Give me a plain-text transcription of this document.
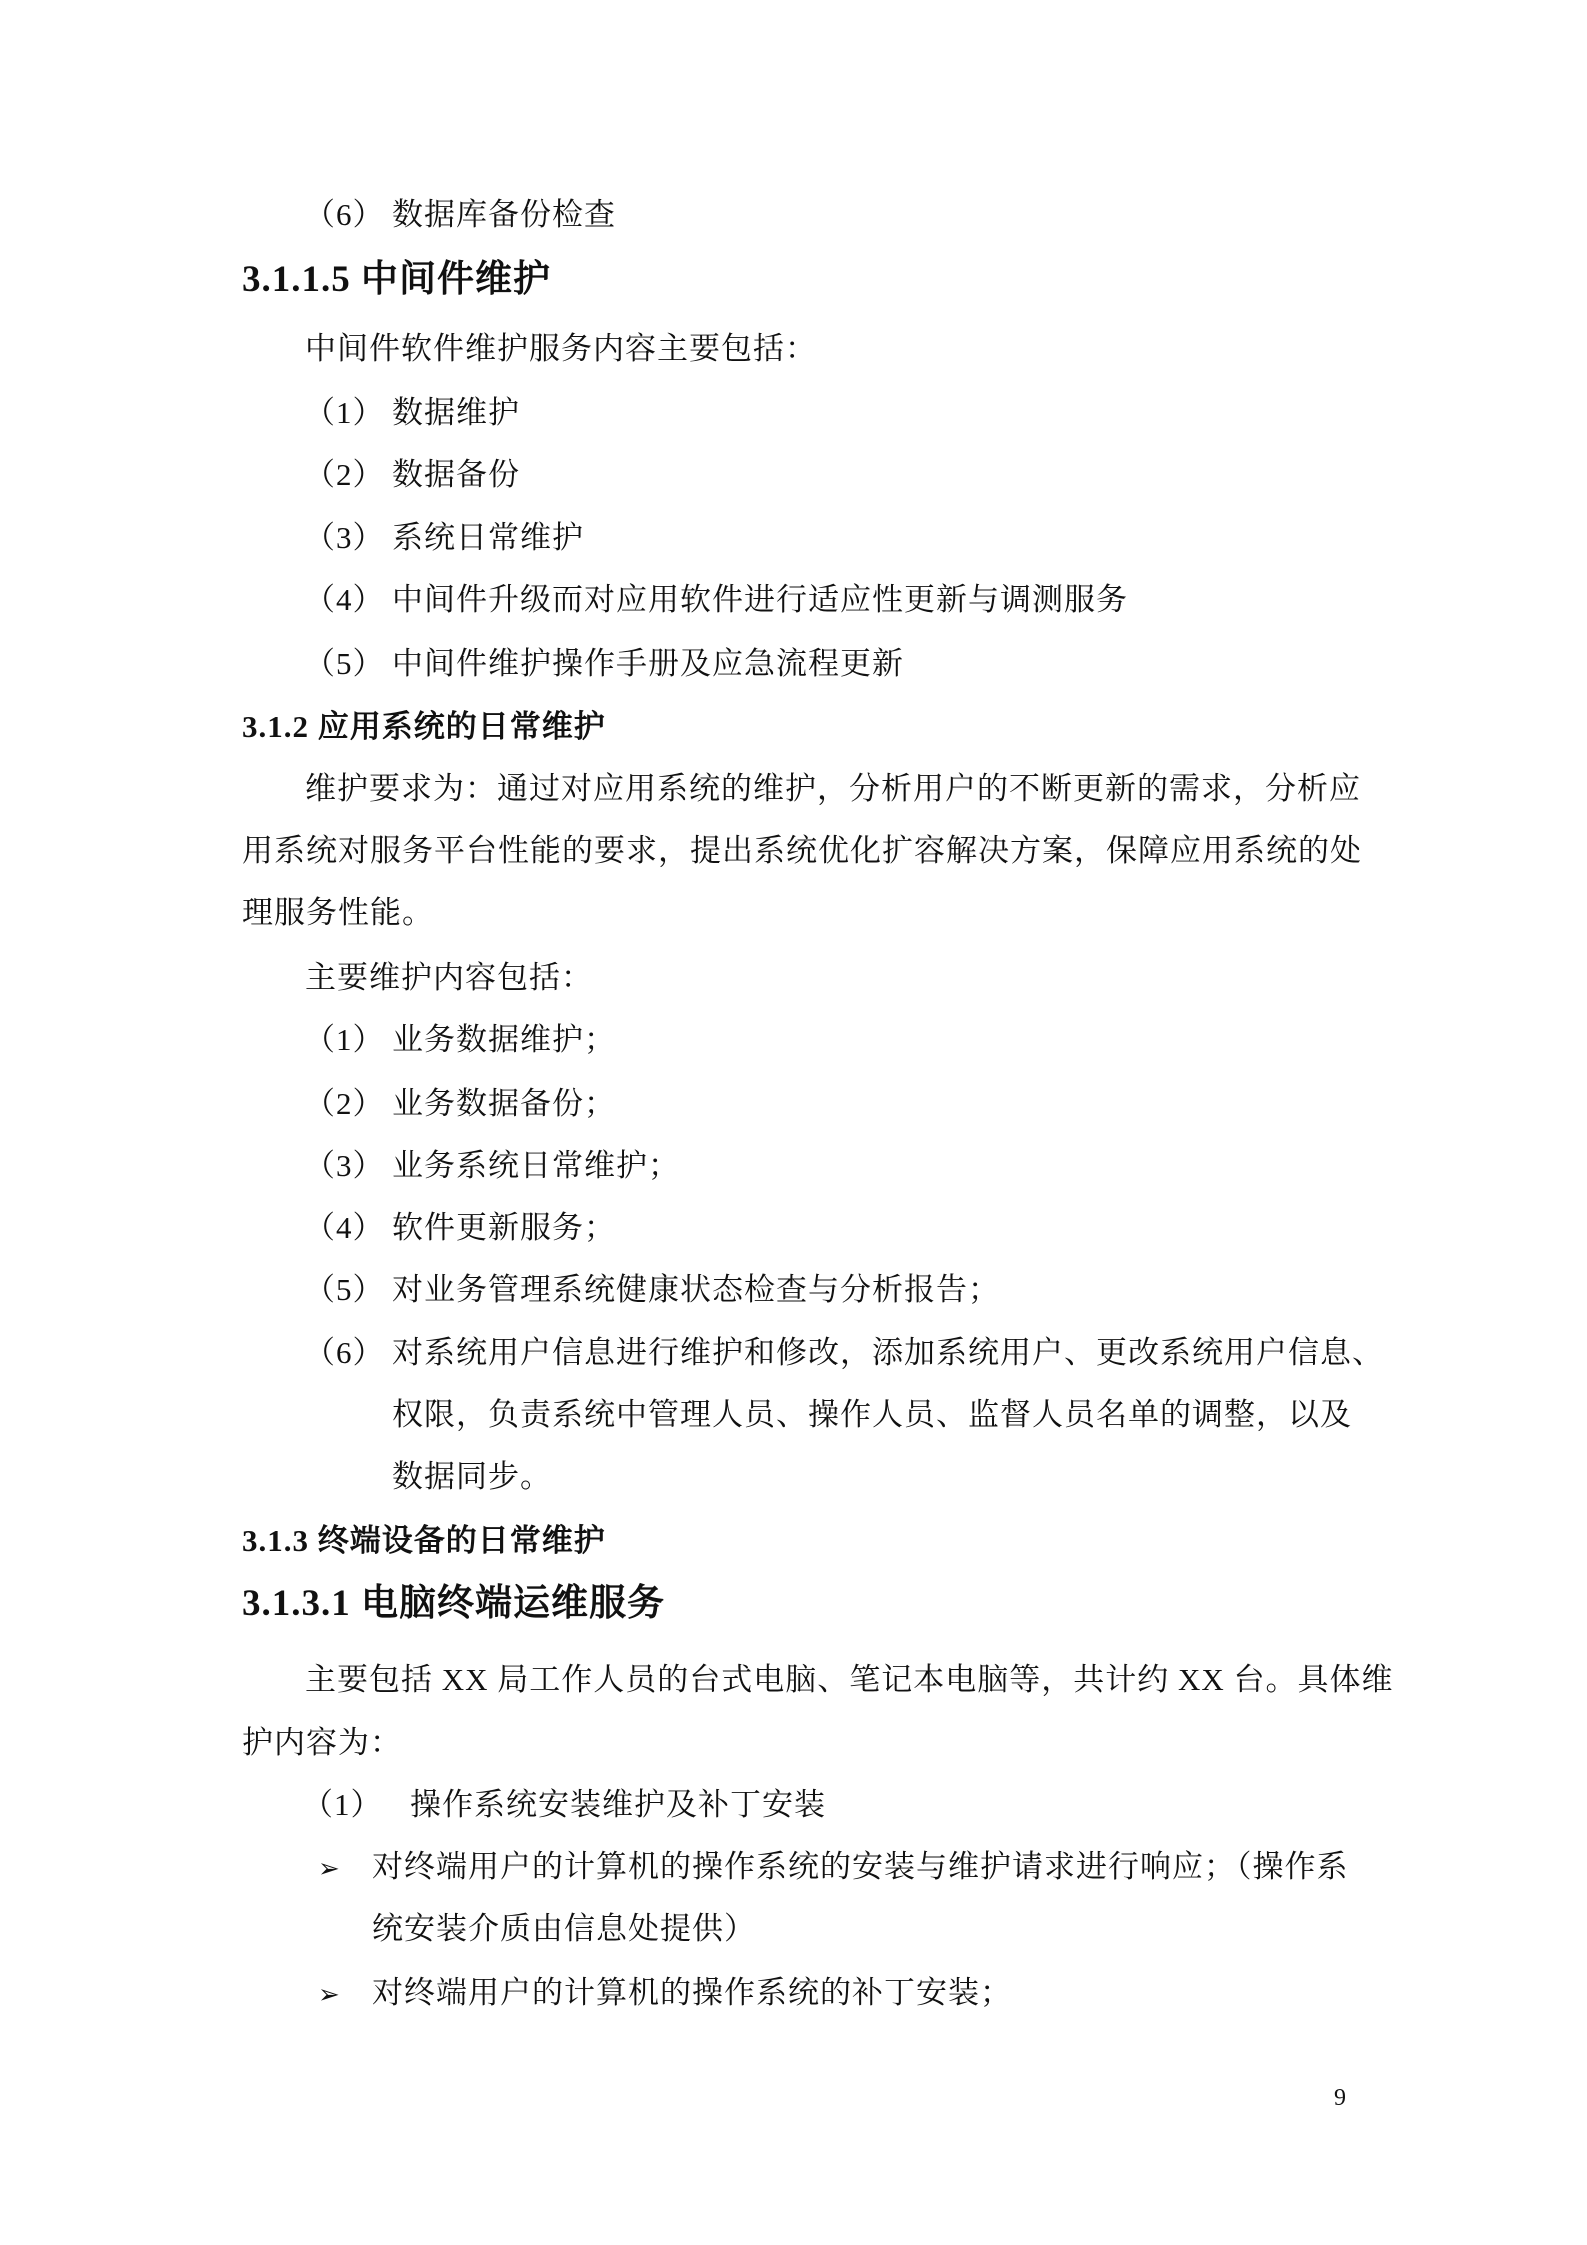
（6） 数据库备份检查
3.1.1.5 中间件维护
中间件软件维护服务内容主要包括：
（1） 数据维护
（2） 数据备份
（3） 系统日常维护
（4） 中间件升级而对应用软件进行适应性更新与调测服务
（5） 中间件维护操作手册及应急流程更新
3.1.2 应用系统的日常维护
维护要求为：通过对应用系统的维护，分析用户的不断更新的需求，分析应
用系统对服务平台性能的要求，提出系统优化扩容解决方案，保障应用系统的处
理服务性能。
主要维护内容包括：
（1） 业务数据维护；
（2） 业务数据备份；
（3） 业务系统日常维护；
（4） 软件更新服务；
（5） 对业务管理系统健康状态检查与分析报告；
（6） 对系统用户信息进行维护和修改，添加系统用户、更改系统用户信息、
权限，负责系统中管理人员、操作人员、监督人员名单的调整，以及
数据同步。
3.1.3 终端设备的日常维护
3.1.3.1 电脑终端运维服务
主要包括 XX 局工作人员的台式电脑、笔记本电脑等，共计约 XX 台。具体维
护内容为：
（1） 操作系统安装维护及补丁安装
➢ 对终端用户的计算机的操作系统的安装与维护请求进行响应；（操作系
统安装介质由信息处提供）
➢ 对终端用户的计算机的操作系统的补丁安装；
9
